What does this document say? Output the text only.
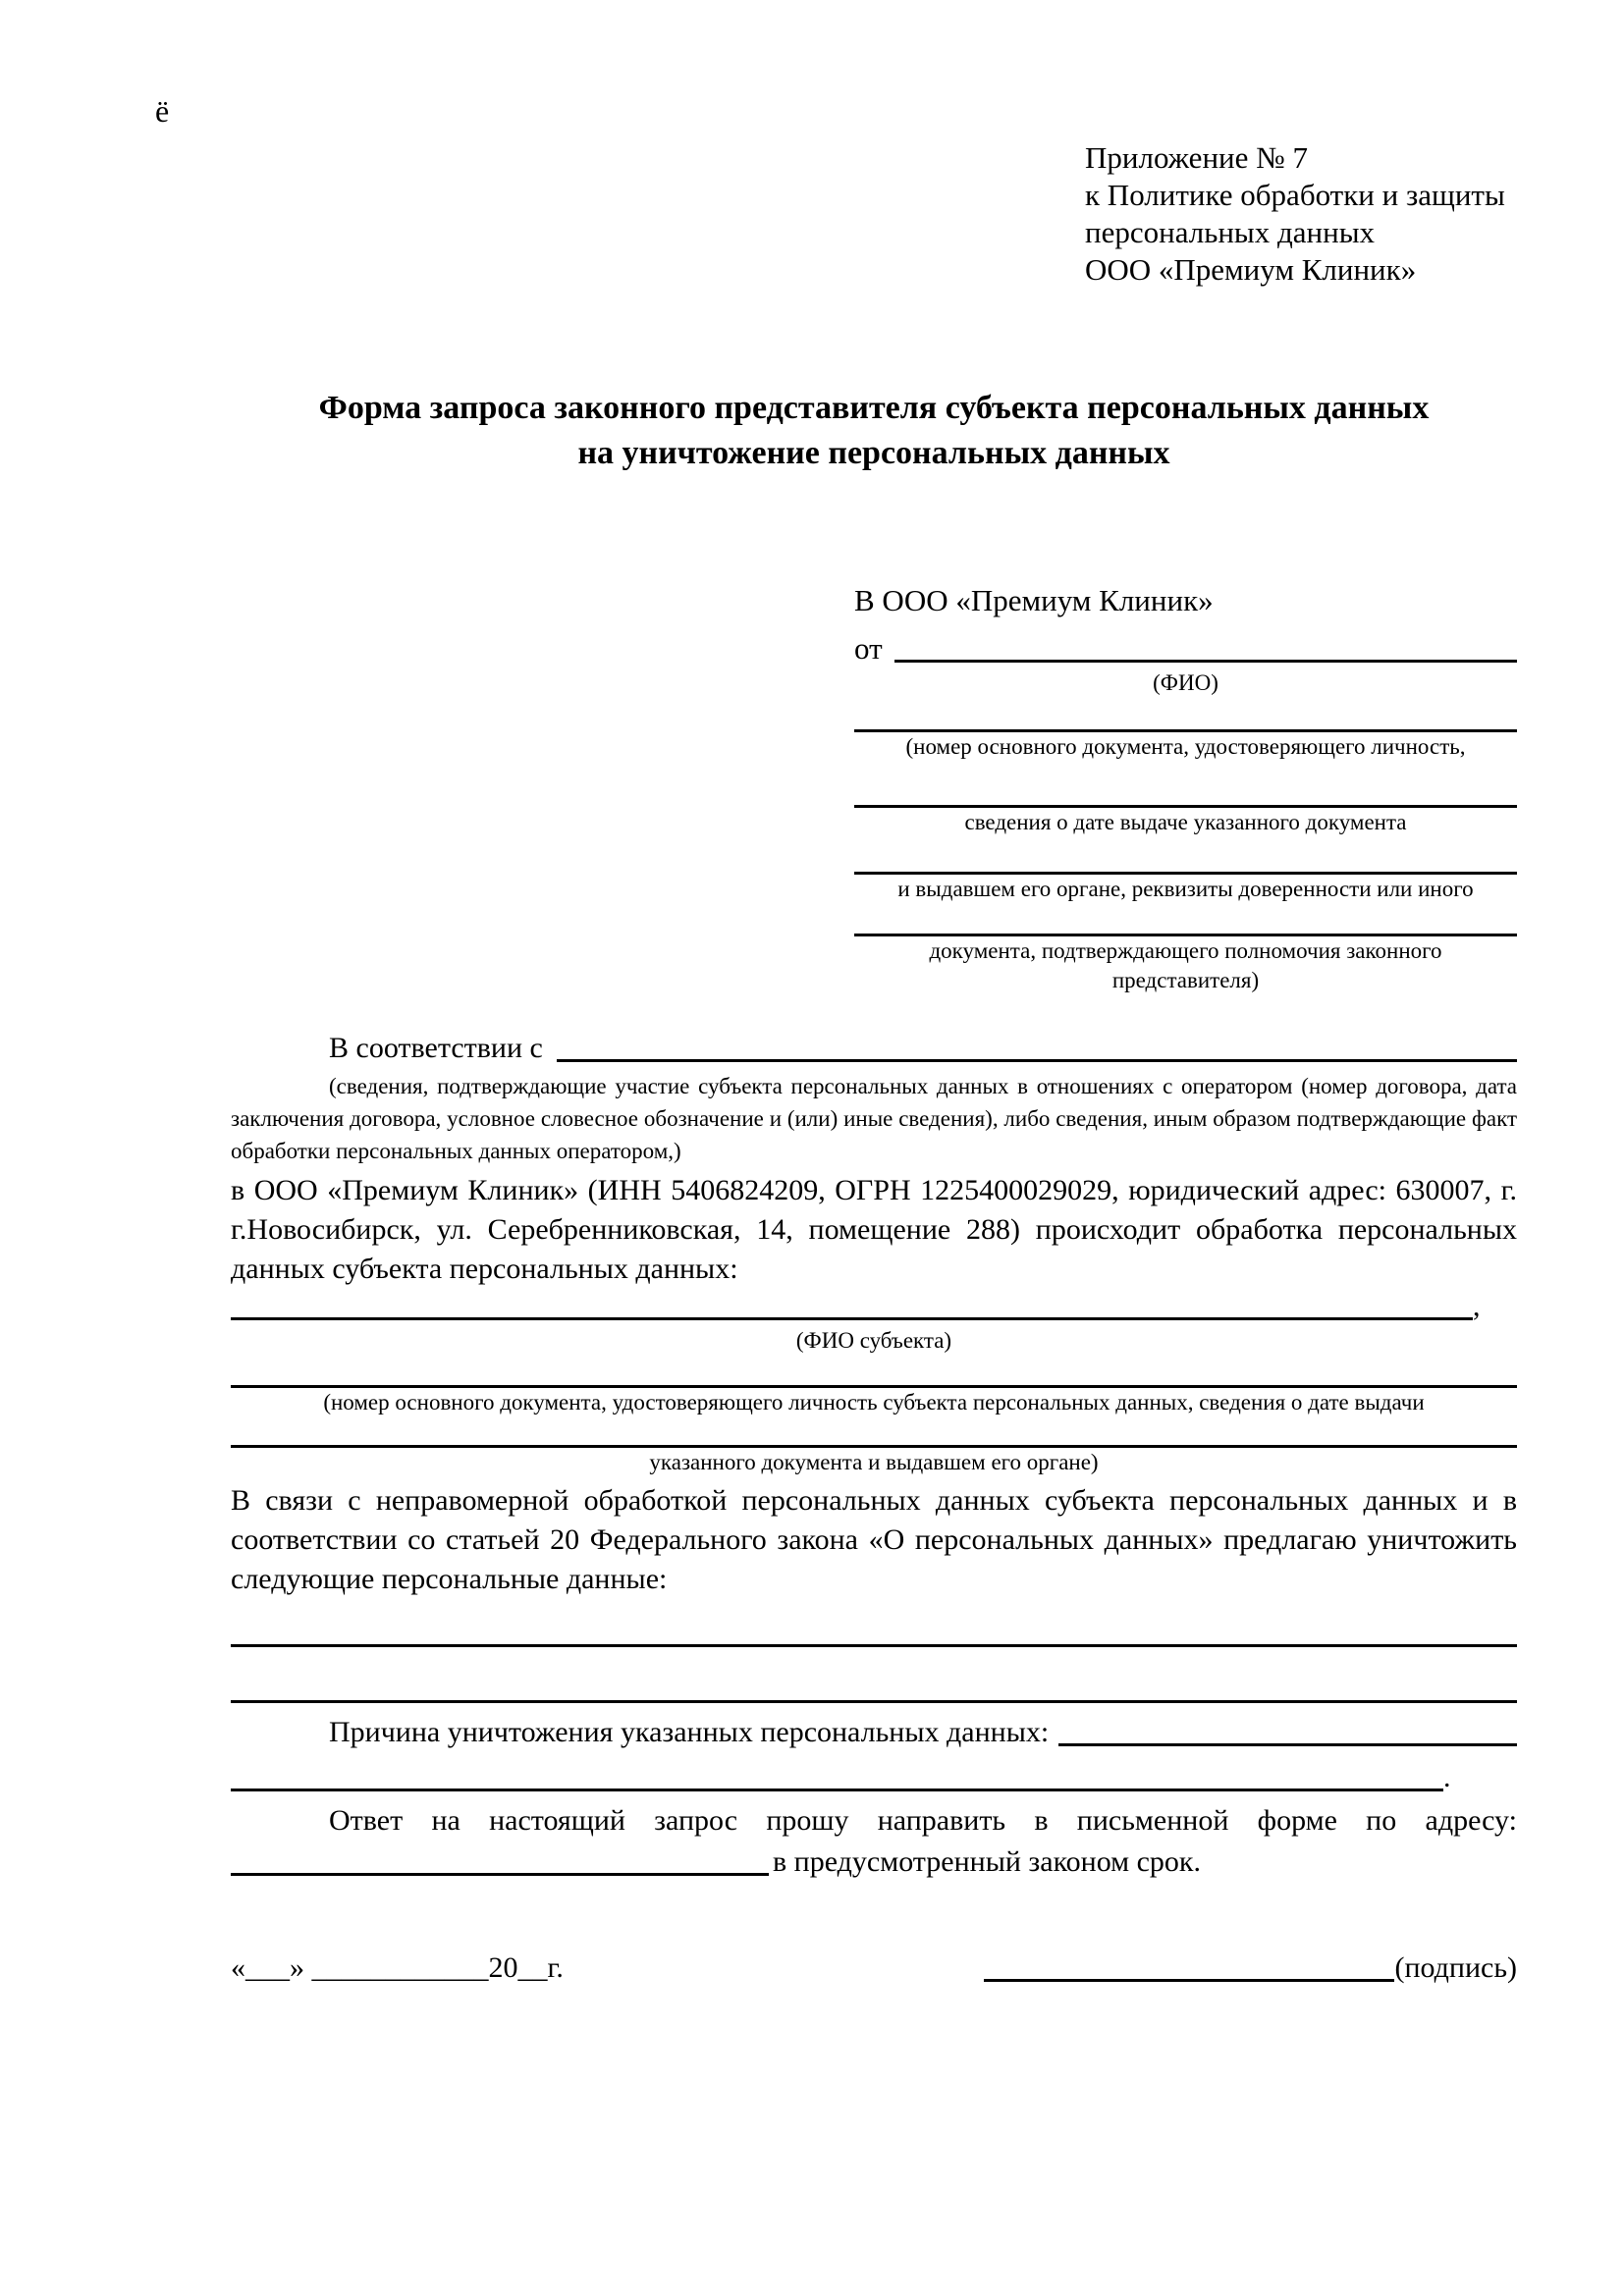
ё
Приложение № 7
к Политике обработки и защиты
персональных данных
ООО «Премиум Клиник»
Форма запроса законного представителя субъекта персональных данных
на уничтожение персональных данных
В ООО «Премиум Клиник»
от
(ФИО)
(номер основного документа, удостоверяющего личность,
сведения о дате выдаче указанного документа
и выдавшем его органе, реквизиты доверенности или иного
документа, подтверждающего полномочия законного представителя)
В соответствии с

(сведения, подтверждающие участие субъекта персональных данных в отношениях с оператором (номер договора, дата заключения договора, условное словесное обозначение и (или) иные сведения), либо сведения, иным образом подтверждающие факт обработки персональных данных оператором,)

в ООО «Премиум Клиник» (ИНН 5406824209, ОГРН 1225400029029, юридический адрес: 630007, г. г.Новосибирск, ул. Серебренниковская, 14, помещение 288) происходит обработка персональных данных субъекта персональных данных:

,
(ФИО субъекта)
(номер основного документа, удостоверяющего личность субъекта персональных данных, сведения о дате выдачи
указанного документа и выдавшем его органе)

В связи с неправомерной обработкой персональных данных субъекта персональных данных и в соответствии со статьей 20 Федерального закона «О персональных данных» предлагаю уничтожить следующие персональные данные:

Причина уничтожения указанных персональных данных:
.

Ответ на настоящий запрос прошу направить в письменной форме по адресу:

в предусмотренный законом срок.
«___» ____________20__г.	(подпись)
